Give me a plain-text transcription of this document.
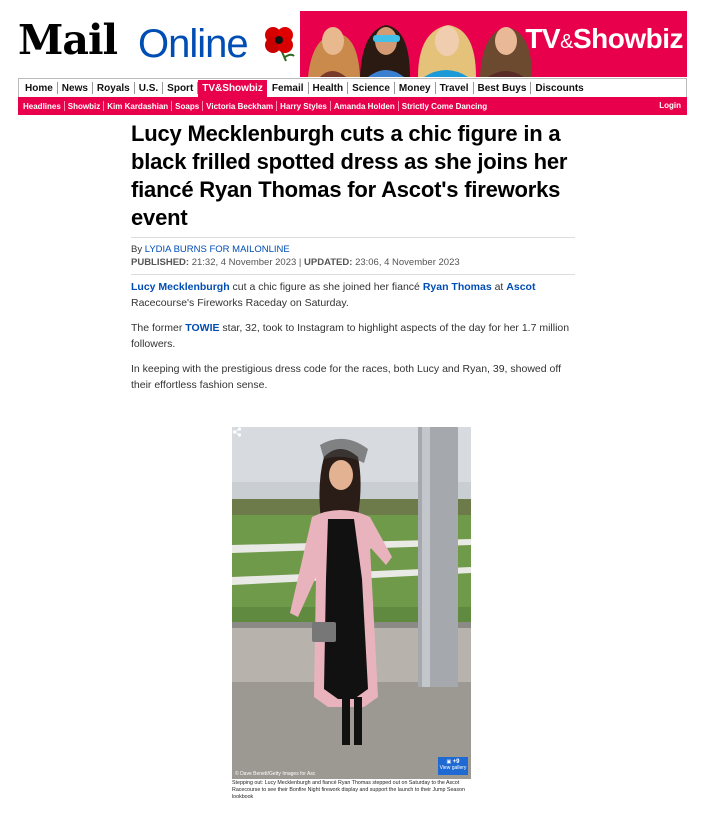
Mail Online	TV&Showbiz
Home News Royals U.S. Sport TV&Showbiz Femail Health Science Money Travel Best Buys Discounts
Headlines Showbiz Kim Kardashian Soaps Victoria Beckham Harry Styles Amanda Holden Strictly Come Dancing	Login
Lucy Mecklenburgh cuts a chic figure in a black frilled spotted dress as she joins her fiancé Ryan Thomas for Ascot's fireworks event
By LYDIA BURNS FOR MAILONLINE
PUBLISHED: 21:32, 4 November 2023 | UPDATED: 23:06, 4 November 2023

Lucy Mecklenburgh cut a chic figure as she joined her fiancé Ryan Thomas at Ascot Racecourse's Fireworks Raceday on Saturday.

The former TOWIE star, 32, took to Instagram to highlight aspects of the day for her 1.7 million followers.

In keeping with the prestigious dress code for the races, both Lucy and Ryan, 39, showed off their effortless fashion sense.

© Dave Benett/Getty Images for Asc
▣ +9
View gallery

Stepping out: Lucy Mecklenburgh and fiancé Ryan Thomas stepped out on Saturday to the Ascot Racecourse to see their Bonfire Night firework display and support the launch to their Jump Season lookbook
